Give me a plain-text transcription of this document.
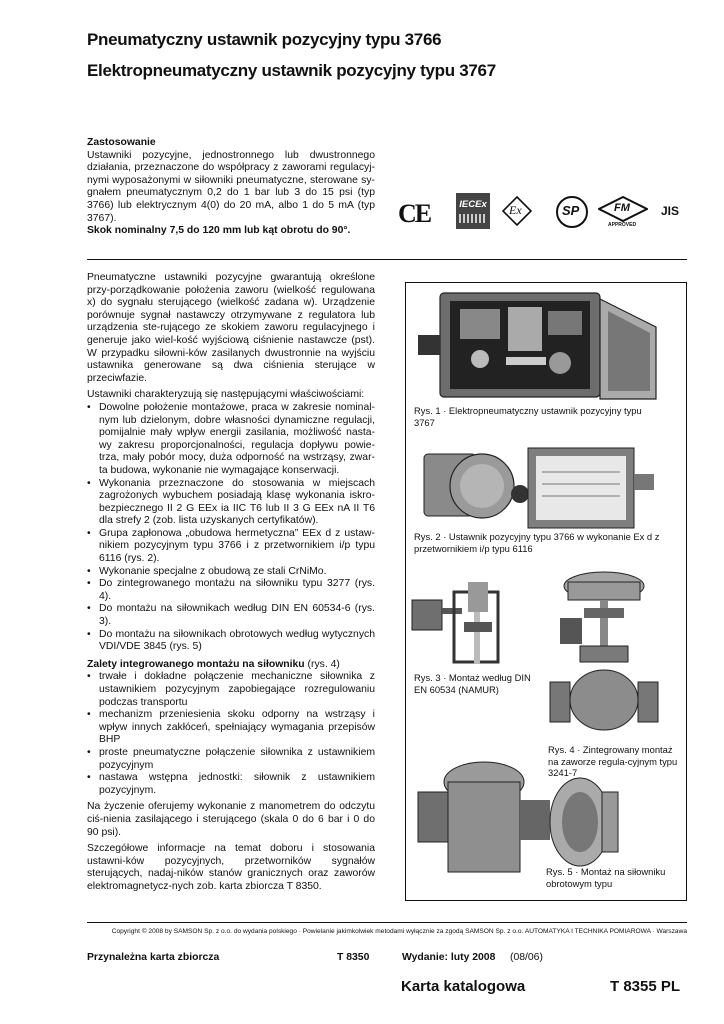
Pneumatyczny ustawnik pozycyjny typu 3766
Elektropneumatyczny ustawnik pozycyjny typu 3767
Zastosowanie
Ustawniki pozycyjne, jednostronnego lub dwustronnego działania, przeznaczone do współpracy z zaworami regulacyj-nymi wyposażonymi w siłowniki pneumatyczne, sterowane sy-gnałem pneumatycznym 0,2 do 1 bar lub 3 do 15 psi (typ 3766) lub elektrycznym 4(0) do 20 mA, albo 1 do 5 mA (typ 3767).
Skok nominalny 7,5 do 120 mm lub kąt obrotu do 90°.
CE	IECEx Ex	SP	FM
APPROVED
JIS
Pneumatyczne ustawniki pozycyjne gwarantują określone przy-porządkowanie położenia zaworu (wielkość regulowana x) do sygnału sterującego (wielkość zadana w). Urządzenie porównuje sygnał nastawczy otrzymywane z regulatora lub urządzenia ste-rującego ze skokiem zaworu regulacyjnego i generuje jako wiel-kość wyjściową ciśnienie nastawcze (pst). W przypadku siłowni-ków zasilanych dwustronnie na wyjściu ustawnika generowane są dwa ciśnienia sterujące w przeciwfazie.
Ustawniki charakteryzują się następującymi właściwościami:
• Dowolne położenie montażowe, praca w zakresie nominal-nym lub dzielonym, dobre własności dynamiczne regulacji, pomijalnie mały wpływ energii zasilania, możliwość nasta-wy zakresu proporcjonalności, regulacja dopływu powie-trza, mały pobór mocy, duża odporność na wstrząsy, zwar-ta budowa, wykonanie nie wymagające konserwacji.
• Wykonania przeznaczone do stosowania w miejscach zagrożonych wybuchem posiadają klasę wykonania iskro-bezpiecznego II 2 G EEx ia IIC T6 lub II 3 G EEx nA II T6 dla strefy 2 (zob. lista uzyskanych certyfikatów).
• Grupa zapłonowa „obudowa hermetyczna” EEx d z ustaw-nikiem pozycyjnym typu 3766 i z przetwornikiem i/p typu 6116 (rys. 2).
• Wykonanie specjalne z obudową ze stali CrNiMo.
• Do zintegrowanego montażu na siłowniku typu 3277 (rys. 4).
• Do montażu na siłownikach według DIN EN 60534-6 (rys. 3).
• Do montażu na siłownikach obrotowych według wytycznych VDI/VDE 3845 (rys. 5)
Zalety integrowanego montażu na siłowniku (rys. 4)
• trwałe i dokładne połączenie mechaniczne siłownika z ustawnikiem pozycyjnym zapobiegające rozregulowaniu podczas transportu
• mechanizm przeniesienia skoku odporny na wstrząsy i wpływ innych zakłóceń, spełniający wymagania przepisów BHP
• proste pneumatyczne połączenie siłownika z ustawnikiem pozycyjnym
• nastawa wstępna jednostki: siłownik z ustawnikiem pozycyjnym.
Na życzenie oferujemy wykonanie z manometrem do odczytu ciś-nienia zasilającego i sterującego (skala 0 do 6 bar i 0 do 90 psi).
Szczegółowe informacje na temat doboru i stosowania ustawni-ków pozycyjnych, przetworników sygnałów sterujących, nadaj-ników stanów granicznych oraz zaworów elektromagnetycz-nych zob. karta zbiorcza T 8350.
Rys. 1 · Elektropneumatyczny ustawnik pozycyjny typu 3767
Rys. 2 · Ustawnik pozycyjny typu 3766 w wykonanie Ex d z przetwornikiem i/p typu 6116
Rys. 3 · Montaż według DIN EN 60534 (NAMUR)
Rys. 4 · Zintegrowany montaż na zaworze regula-cyjnym typu 3241-7
Rys. 5 · Montaż na siłowniku obrotowym typu
Copyright © 2008 by SAMSON Sp. z o.o. do wydania polskiego · Powielanie jakimkolwiek metodami wyłącznie za zgodą SAMSON Sp. z o.o. AUTOMATYKA I TECHNIKA POMIAROWA · Warszawa
Przynależna karta zbiorcza	T 8350	Wydanie: luty 2008 (08/06)
Karta katalogowa	T 8355 PL
